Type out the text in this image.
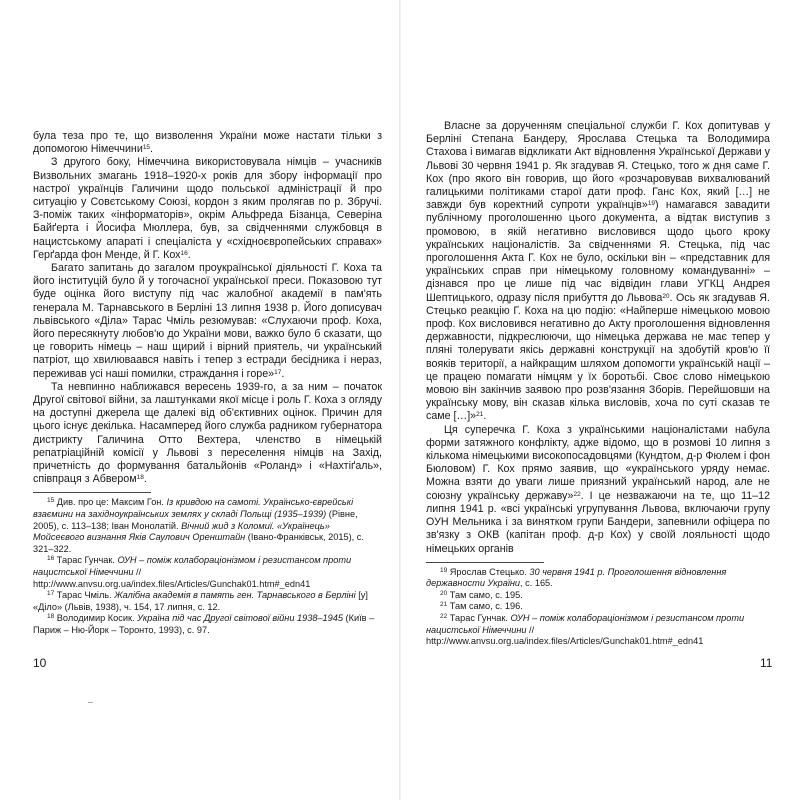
була теза про те, що визволення України може настати тільки з допомогою Німеччини$^{15}$.

З другого боку, Німеччина використовувала німців – учасників Визвольних змагань 1918–1920-х років для збору інформації про настрої українців Галичини щодо польської адміністрації й про ситуацію у Совєтському Союзі, кордон з яким пролягав по р. Збручі. З-поміж таких «інформаторів», окрім Альфреда Бізанца, Северіна Байґерта і Йосифа Мюллера, був, за свідченнями службовця в нацистському апараті і спеціаліста у «східноєвропейських справах» Герґарда фон Менде, й Г. Кох$^{16}$.

Багато запитань до загалом проукраїнської діяльності Г. Коха та його інституцій було й у тогочасної української преси. Показовою тут буде оцінка його виступу під час жалобної академії в пам'ять генерала М. Тарнавського в Берліні 13 липня 1938 р. Його дописувач львівського «Діла» Тарас Чміль резюмував: «Слухаючи проф. Коха, його пересякнуту любов'ю до України мови, важко було б сказати, що це говорить німець – наш щирий і вірний приятель, чи український патріот, що хвилюваався навіть і тепер з естради бесідника і нераз, переживав усі наші помилки, страждання і горе»$^{17}$.

Та невпинно наближався вересень 1939-го, а за ним – початок Другої світової війни, за лаштунками якої місце і роль Г. Коха з огляду на доступні джерела ще далекі від об'єктивних оцінок. Причин для цього існує декілька. Насамперед його служба радником губернатора дистрикту Галичина Отто Вехтера, членство в німецькій репатріаційній комісії у Львові з переселення німців на Захід, причетність до формування батальйонів «Роланд» і «Нахтіґаль», співпраця з Абвером$^{18}$.

$^{15}$ Див. про це: Максим Гон. Із кривдою на самоті. Українсько-єврейські взаємини на західноукраїнських землях у складі Польщі (1935–1939) (Рівне, 2005), с. 113–138; Іван Монолатій. Вічний жид з Коломиї. «Українець» Мойсеєвого визнання Яків Саулович Оренштайн (Івано-Франківськ, 2015), с. 321–322.

$^{16}$ Тарас Гунчак. ОУН – поміж колабораціонізмом і резистансом проти нацистської Німеччини // http://www.anvsu.org.ua/index.files/Articles/Gunchak01.htm#_edn41

$^{17}$ Тарас Чміль. Жалібна академія в память ген. Тарнавського в Берліні [у] «Діло» (Львів, 1938), ч. 154, 17 липня, с. 12.

$^{18}$ Володимир Косик. Україна під час Другої світової війни 1938–1945 (Київ – Париж – Ню-Йорк – Торонто, 1993), с. 97.

10

Власне за дорученням спеціальної служби Г. Кох допитував у Берліні Степана Бандеру, Ярослава Стецька та Володимира Стахова і вимагав відкликати Акт відновлення Української Держави у Львові 30 червня 1941 р. Як згадував Я. Стецько, того ж дня саме Г. Кох (про якого він говорив, що його «розчаровував вихвалюваний галицькими політиками старої дати проф. Ганс Кох, який […] не завжди був коректний супроти українців»$^{19}$) намагався завадити публічному проголошенню цього документа, а відтак виступив з промовою, в якій негативно висловився щодо цього кроку українських націоналістів. За свідченнями Я. Стецька, під час проголошення Акта Г. Кох не було, оскільки він – «представник для українських справ при німецькому головному командуванні» – дізнався про це лише під час відвідин глави УГКЦ Андрея Шептицького, одразу після прибуття до Львова$^{20}$. Ось як згадував Я. Стецько реакцію Г. Коха на цю подію: «Найперше німецькою мовою проф. Кох висловився негативно до Акту проголошення відновлення державности, підкреслюючи, що німецька держава не має тепер у пляні толерувати якісь державні конструкції на здобутій кров'ю її вояків території, а найкращим шляхом допомогти українській нації – це працею помагати німцям у їх боротьбі. Своє слово німецькою мовою він закінчив заявою про розв'язання Зборів. Перейшовши на українську мову, він сказав кілька висловів, хоча по суті сказав те саме […]»$^{21}$.

Ця суперечка Г. Коха з українськими націоналістами набула форми затяжного конфлікту, адже відомо, що в розмові 10 липня з кількома німецькими високопосадовцями (Кундтом, д-р Фюлем і фон Бюловом) Г. Кох прямо заявив, що «українського уряду немає. Можна взяти до уваги лише приязний український народ, але не союзну українську державу»$^{22}$. І це незважаючи на те, що 11–12 липня 1941 р. «всі українські угрупування Львова, включаючи групу ОУН Мельника і за винятком групи Бандери, запевнили офіцера по зв'язку з ОКВ (капітан проф. д-р Кох) у своїй лояльності щодо німецьких органів

$^{19}$ Ярослав Стецько. 30 червня 1941 р. Проголошення відновлення державности України, с. 165.

$^{20}$ Там само, с. 195.

$^{21}$ Там само, с. 196.

$^{22}$ Тарас Гунчак. ОУН – поміж колабораціонізмом і резистансом проти нацистської Німеччини // http://www.anvsu.org.ua/index.files/Articles/Gunchak01.htm#_edn41

11
